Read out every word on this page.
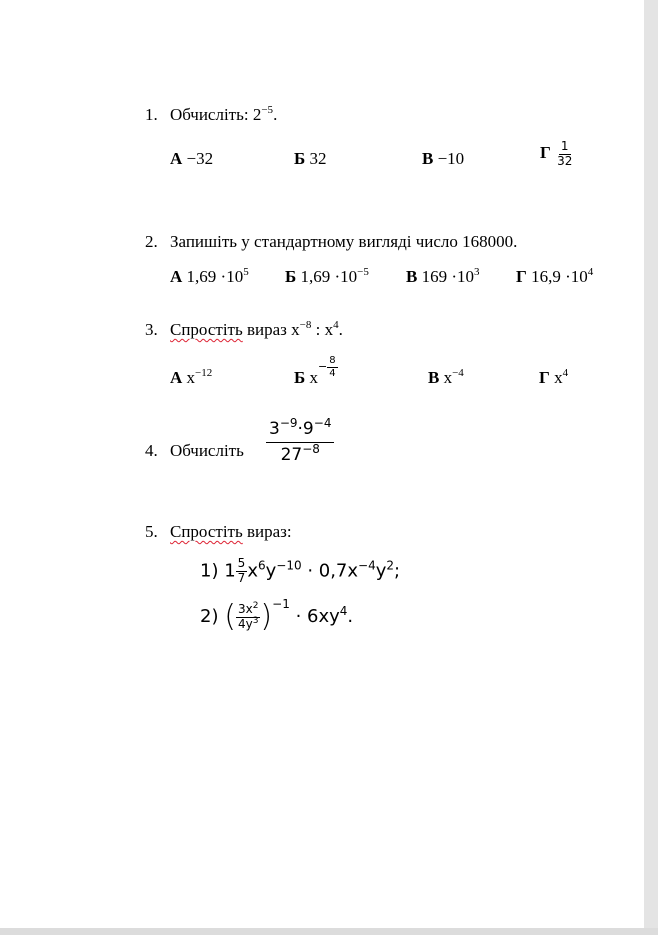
1. Обчисліть: $2^{-5}$.
А −32	Б 32	В −10	Г $\frac{1}{32}$
2. Запишіть у стандартному вигляді число 168000.
А $1,69 \cdot 10^5$ Б $1,69 \cdot 10^{-5}$ В $169 \cdot 10^3$ Г $16,9 \cdot 10^4$
3. Спростіть вираз $x^{-8}$ : $x^4$.
А $x^{-12}$	Б $x^{- \frac{8}{4}}$	В $x^{-4}$	Г $x^4$
4. Обчисліть $\frac{3^{-9}\cdot 9^{-4}}{27^{-8}}$
5. Спростіть вираз:
1) $1 \frac{5}{7} x^6y^{-10} \cdot 0,7x^{-4}y^2$;
2) ( $\frac{3x^2}{4y^3} )^{-1} \cdot 6xy^4$.
